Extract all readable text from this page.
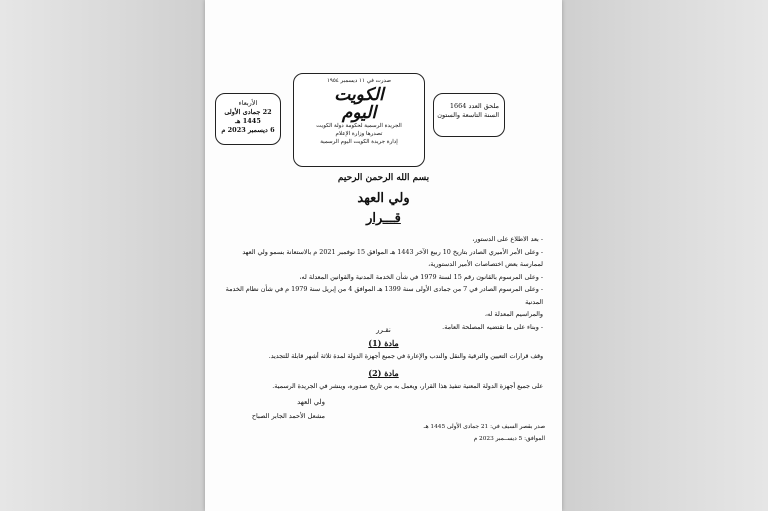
الأربعاء
22 جمادى الأولى 1445 هـ
6 ديسمبر 2023 م
صدرت في ١١ ديسمبر ١٩٥٤
الكويت
اليوم
الجريدة الرسمية لحكومة دولة الكويت
تصدرها وزارة الإعلام
إدارة جريدة الكويت اليوم الرسمية
ملحق العدد 1664
السنة التاسعة والستون
بسم الله الرحمن الرحيم
ولي العهد
قـــرار
- بعد الاطلاع على الدستور،
- وعلى الأمر الأميري الصادر بتاريخ 10 ربيع الآخر 1443 هـ الموافق 15 نوفمبر 2021 م بالاستعانة بسمو ولي العهد
لممارسة بعض اختصاصات الأمير الدستورية،
- وعلى المرسوم بالقانون رقم 15 لسنة 1979 في شأن الخدمة المدنية والقوانين المعدلة له،
- وعلى المرسوم الصادر في 7 من جمادى الأولى سنة 1399 هـ الموافق 4 من إبريل سنة 1979 م في شأن نظام الخدمة المدنية
والمراسيم المعدلة له،
- وبناء على ما تقتضيه المصلحة العامة.
نقـرر
مادة (1)
وقف قرارات التعيين والترقية والنقل والندب والإعارة في جميع أجهزة الدولة لمدة ثلاثة أشهر قابلة للتجديد.
مادة (2)
على جميع أجهزة الدولة المعنية تنفيذ هذا القرار، ويعمل به من تاريخ صدوره، وينشر في الجريدة الرسمية.
ولي العهد
مشعل الأحمد الجابر الصباح
صدر بقصر السيف في: 21 جمادى الأولى 1445 هـ
الموافق: 5 ديســمبر 2023 م
